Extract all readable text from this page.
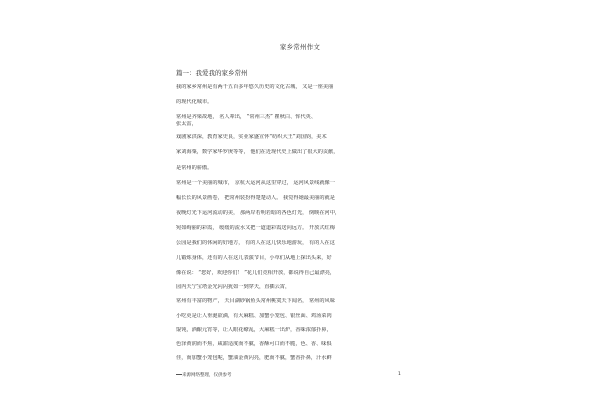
家乡常州作文
篇一：我爱我的家乡常州
我的家乡常州是有两千五百多年悠久历史的文化古城， 又是一座美丽
的现代化城市。
常州是齐梁故地， 名人辈出， “常州三杰” 瞿秋白、恽代英、
张太雷，
戏剧家洪深，教育家史良，实业家盛宣怀“纺织大王”刘国钧，美术
家刘海粟，数学家华罗庚等等， 他们在近现代史上做出了很大的贡献，
是常州的骄傲。
常州是一个美丽的城市， 京杭大运河从这里穿过， 运河风景线就像一
幅长长的风景画卷， 把常州装扮得楚楚动人。 我觉得她最美丽的就是
夜晚灯光下运河流动的美， 那两岸若明若暗的各色灯光， 倒映在河中，
宛如绚丽的彩霞， 缓缓的流水又把一道道彩霞送向远方。 开放式红梅
公园是我们的休闲的好地方， 有的人在这儿快乐地游玩， 有的人在这
儿锻炼身体，还有的人在这儿表演节目，小草们从地上探出头来，好
像在说： “您好，欢迎你们！ ”花儿们竞相开放，都说得自己最漂亮，
园内天宁宝塔金光闪闪犹如一到穿天，直插云霄，
常州有丰富的物产， 天目湖砂锅鱼头常州桃寞天下闻名， 常州的风味
小吃更是让人垂涎欲滴，有大麻糕、加蟹小笼包、银丝面、鸡汤菜肉
馄饨，酒酿元宵等，让人眼花缭乱，大麻糕一出炉，香味浓郁扑鼻，
色泽黄润而不焦，咸甜适度而不腻，香酥可口而不脆，色、香、味俱
佳，而加蟹小笼包呢，蟹油金黄闪亮，肥而不腻，蟹香扑鼻，汁水鲜
来源网络整理，仅供参考	1
